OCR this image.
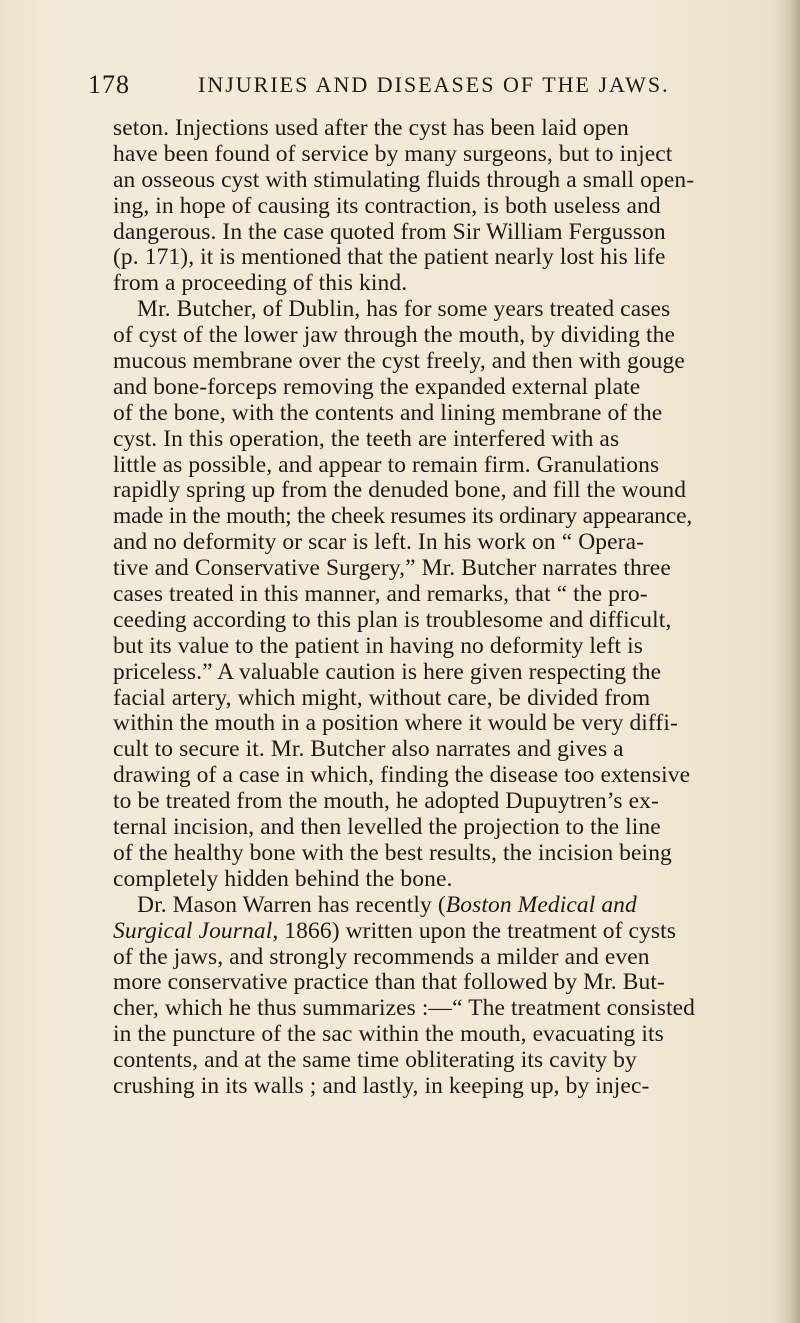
178	INJURIES AND DISEASES OF THE JAWS.
seton. Injections used after the cyst has been laid open
have been found of service by many surgeons, but to inject
an osseous cyst with stimulating fluids through a small open-
ing, in hope of causing its contraction, is both useless and
dangerous. In the case quoted from Sir William Fergusson
(p. 171), it is mentioned that the patient nearly lost his life
from a proceeding of this kind.
Mr. Butcher, of Dublin, has for some years treated cases
of cyst of the lower jaw through the mouth, by dividing the
mucous membrane over the cyst freely, and then with gouge
and bone-forceps removing the expanded external plate
of the bone, with the contents and lining membrane of the
cyst. In this operation, the teeth are interfered with as
little as possible, and appear to remain firm. Granulations
rapidly spring up from the denuded bone, and fill the wound
made in the mouth; the cheek resumes its ordinary appearance,
and no deformity or scar is left. In his work on “ Opera-
tive and Conservative Surgery,” Mr. Butcher narrates three
cases treated in this manner, and remarks, that “ the pro-
ceeding according to this plan is troublesome and difficult,
but its value to the patient in having no deformity left is
priceless.” A valuable caution is here given respecting the
facial artery, which might, without care, be divided from
within the mouth in a position where it would be very diffi-
cult to secure it. Mr. Butcher also narrates and gives a
drawing of a case in which, finding the disease too extensive
to be treated from the mouth, he adopted Dupuytren’s ex-
ternal incision, and then levelled the projection to the line
of the healthy bone with the best results, the incision being
completely hidden behind the bone.
Dr. Mason Warren has recently (Boston Medical and
Surgical Journal, 1866) written upon the treatment of cysts
of the jaws, and strongly recommends a milder and even
more conservative practice than that followed by Mr. But-
cher, which he thus summarizes :—“ The treatment consisted
in the puncture of the sac within the mouth, evacuating its
contents, and at the same time obliterating its cavity by
crushing in its walls ; and lastly, in keeping up, by injec-
